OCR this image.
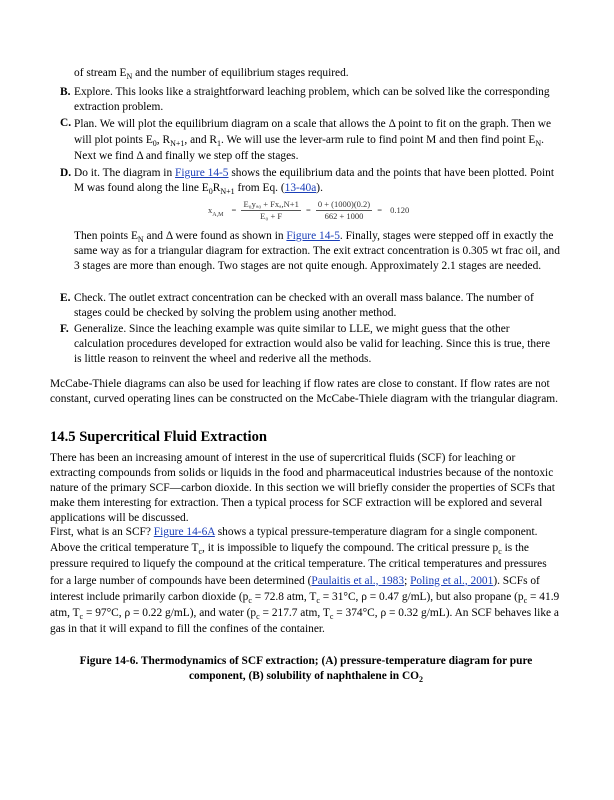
of stream $E_N$ and the number of equilibrium stages required.
B. Explore. This looks like a straightforward leaching problem, which can be solved like the corresponding extraction problem.
C. Plan. We will plot the equilibrium diagram on a scale that allows the Δ point to fit on the graph. Then we will plot points $E_0$, $R_{N+1}$, and $R_1$. We will use the lever-arm rule to find point M and then find point $E_N$. Next we find Δ and finally we step off the stages.
D. Do it. The diagram in Figure 14-5 shows the equilibrium data and the points that have been plotted. Point M was found along the line $E_0R_{N+1}$ from Eq. (13-40a).
$x_{A,M} = \frac{\text{E₀yₐ₀ + Fxₐ,N+1}}{\text{E₀ + F}} = \frac{0 + (1000)(0.2)}{662 + 1000} = 0.120$
Then points $E_N$ and Δ were found as shown in Figure 14-5. Finally, stages were stepped off in exactly the same way as for a triangular diagram for extraction. The exit extract concentration is 0.305 wt frac oil, and 3 stages are more than enough. Two stages are not quite enough. Approximately 2.1 stages are needed.
E. Check. The outlet extract concentration can be checked with an overall mass balance. The number of stages could be checked by solving the problem using another method.
F. Generalize. Since the leaching example was quite similar to LLE, we might guess that the other calculation procedures developed for extraction would also be valid for leaching. Since this is true, there is little reason to reinvent the wheel and rederive all the methods.
McCabe-Thiele diagrams can also be used for leaching if flow rates are close to constant. If flow rates are not constant, curved operating lines can be constructed on the McCabe-Thiele diagram with the triangular diagram.
14.5 Supercritical Fluid Extraction
There has been an increasing amount of interest in the use of supercritical fluids (SCF) for leaching or extracting compounds from solids or liquids in the food and pharmaceutical industries because of the nontoxic nature of the primary SCF—carbon dioxide. In this section we will briefly consider the properties of SCFs that make them interesting for extraction. Then a typical process for SCF extraction will be explored and several applications will be discussed.
First, what is an SCF? Figure 14-6A shows a typical pressure-temperature diagram for a single component. Above the critical temperature $T_c$, it is impossible to liquefy the compound. The critical pressure $p_c$ is the pressure required to liquefy the compound at the critical temperature. The critical temperatures and pressures for a large number of compounds have been determined (Paulaitis et al., 1983; Poling et al., 2001). SCFs of interest include primarily carbon dioxide ($p_c = 72.8$ atm, $T_c = 31^\circ C$, ρ = 0.47 g/mL), but also propane ($p_c = 41.9$ atm, $T_c = 97^\circ C$, ρ = 0.22 g/mL), and water ($p_c = 217.7$ atm, $T_c = 374^\circ C$, ρ = 0.32 g/mL). An SCF behaves like a gas in that it will expand to fill the confines of the container.
Figure 14-6. Thermodynamics of SCF extraction; (A) pressure-temperature diagram for pure component, (B) solubility of naphthalene in $CO_2$
